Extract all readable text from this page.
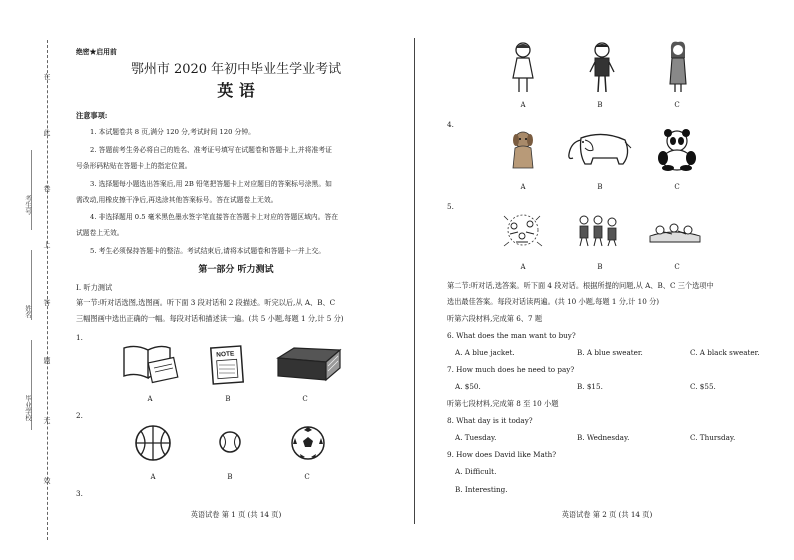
在
此
卷
上
答
题
无
效
考生号
姓名
毕业学校
绝密★启用前
鄂州市 2020 年初中毕业生学业考试
英 语
注意事项:
1. 本试题卷共 8 页,满分 120 分,考试时间 120 分钟。
2. 答题前考生务必将自己的姓名、准考证号填写在试题卷和答题卡上,并将准考证
号条形码粘贴在答题卡上的指定位置。
3. 选择题每小题选出答案后,用 2B 铅笔把答题卡上对应题目的答案标号涂黑。如
需改动,用橡皮擦干净后,再选涂其他答案标号。答在试题卷上无效。
4. 非选择题用 0.5 毫米黑色墨水签字笔直接答在答题卡上对应的答题区域内。答在
试题卷上无效。
5. 考生必须保持答题卡的整洁。考试结束后,请将本试题卷和答题卡一并上交。
第一部分 听力测试
I. 听力测试
第一节:听对话选图,选图画。听下面 3 段对话和 2 段描述。听完以后,从 A、B、C
三幅图画中选出正确的一幅。每段对话和描述读一遍。(共 5 小题,每题 1 分,计 5 分)
1.
NOTE
A	B	C
2.
A	B	C
3.
英语试卷 第 1 页 (共 14 页)
A	B	C
4.
A	B	C
5.
A	B	C
第二节:听对话,选答案。听下面 4 段对话。根据所提的问题,从 A、B、C 三个选项中
选出最佳答案。每段对话读两遍。(共 10 小题,每题 1 分,计 10 分)
听第六段材料,完成第 6、7 题
6. What does the man want to buy?
A. A blue jacket.	B. A blue sweater.	C. A black sweater.
7. How much does he need to pay?
A. $50.	B. $15.	C. $55.
听第七段材料,完成第 8 至 10 小题
8. What day is it today?
A. Tuesday.	B. Wednesday.	C. Thursday.
9. How does David like Math?
A. Difficult.
B. Interesting.
英语试卷 第 2 页 (共 14 页)
